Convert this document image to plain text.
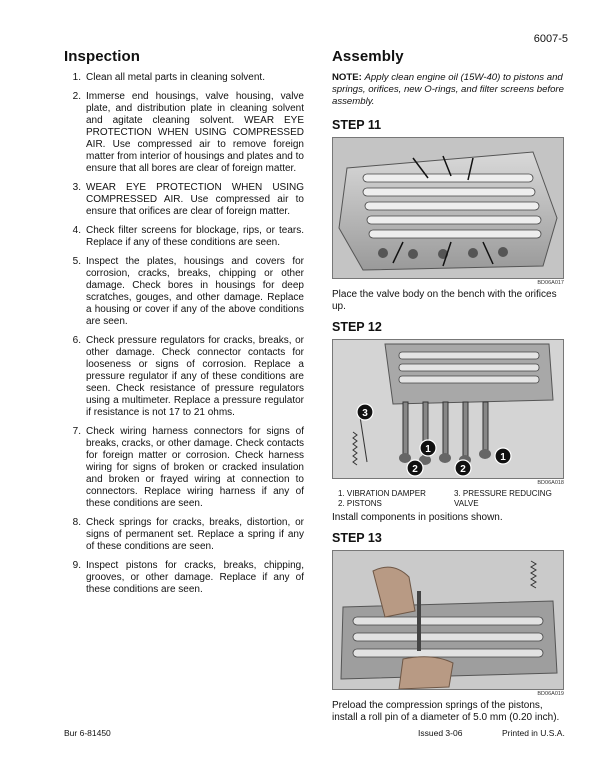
6007-5
Inspection
1. Clean all metal parts in cleaning solvent.
2. Immerse end housings, valve housing, valve plate, and distribution plate in cleaning solvent and agitate cleaning solvent. WEAR EYE PROTECTION WHEN USING COMPRESSED AIR. Use compressed air to remove foreign matter from interior of housings and plates and to ensure that all bores are clear of foreign matter.
3. WEAR EYE PROTECTION WHEN USING COMPRESSED AIR. Use compressed air to ensure that orifices are clear of foreign matter.
4. Check filter screens for blockage, rips, or tears. Replace if any of these conditions are seen.
5. Inspect the plates, housings and covers for corrosion, cracks, breaks, chipping or other damage. Check bores in housings for deep scratches, gouges, and other damage. Replace a housing or cover if any of the above conditions are seen.
6. Check pressure regulators for cracks, breaks, or other damage. Check connector contacts for looseness or signs of corrosion. Replace a pressure regulator if any of these conditions are seen. Check resistance of pressure regulators using a multimeter. Replace a pressure regulator if resistance is not 17 to 21 ohms.
7. Check wiring harness connectors for signs of breaks, cracks, or other damage. Check contacts for foreign matter or corrosion. Check harness wiring for signs of broken or cracked insulation and broken or frayed wiring at connection to connectors. Replace wiring harness if any of these conditions are seen.
8. Check springs for cracks, breaks, distortion, or signs of permanent set. Replace a spring if any of these conditions are seen.
9. Inspect pistons for cracks, breaks, chipping, grooves, or other damage. Replace if any of these conditions are seen.
Assembly

NOTE: Apply clean engine oil (15W-40) to pistons and springs, orifices, new O-rings, and filter screens before assembly.

STEP 11
BD06A017

Place the valve body on the bench with the orifices up.

STEP 12
3
1
2	2
1
BD06A018
1. VIBRATION DAMPER
2. PISTONS
3. PRESSURE REDUCING VALVE

Install components in positions shown.

STEP 13
BD06A019

Preload the compression springs of the pistons, install a roll pin of a diameter of 5.0 mm (0.20 inch).

Bur 6-81450	Issued 3-06	Printed in U.S.A.
